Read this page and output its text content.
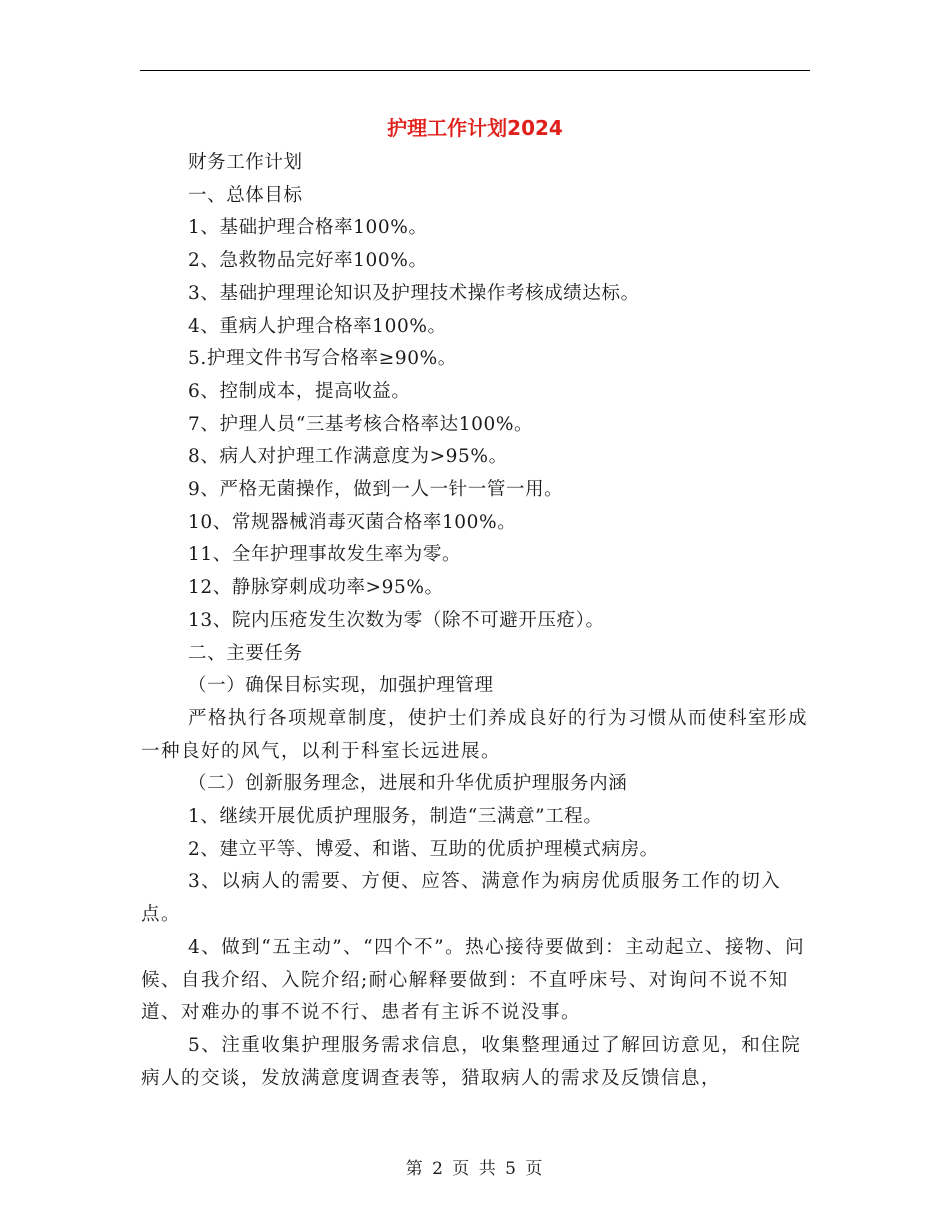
护理工作计划2024

财务工作计划

一、总体目标

1、基础护理合格率100%。

2、急救物品完好率100%。

3、基础护理理论知识及护理技术操作考核成绩达标。

4、重病人护理合格率100%。

5.护理文件书写合格率≥90%。

6、控制成本，提高收益。

7、护理人员“三基考核合格率达100%。

8、病人对护理工作满意度为>95%。

9、严格无菌操作，做到一人一针一管一用。

10、常规器械消毒灭菌合格率100%。

11、全年护理事故发生率为零。

12、静脉穿刺成功率>95%。

13、院内压疮发生次数为零（除不可避开压疮）。

二、主要任务

（一）确保目标实现，加强护理管理

严格执行各项规章制度，使护士们养成良好的行为习惯从而使科室形成一种良好的风气，以利于科室长远进展。

（二）创新服务理念，进展和升华优质护理服务内涵

1、继续开展优质护理服务，制造“三满意”工程。

2、建立平等、博爱、和谐、互助的优质护理模式病房。

3、以病人的需要、方便、应答、满意作为病房优质服务工作的切入点。

4、做到“五主动”、“四个不”。热心接待要做到：主动起立、接物、问候、自我介绍、入院介绍;耐心解释要做到：不直呼床号、对询问不说不知道、对难办的事不说不行、患者有主诉不说没事。

5、注重收集护理服务需求信息，收集整理通过了解回访意见，和住院病人的交谈，发放满意度调查表等，猎取病人的需求及反馈信息，

第 2 页 共 5 页
